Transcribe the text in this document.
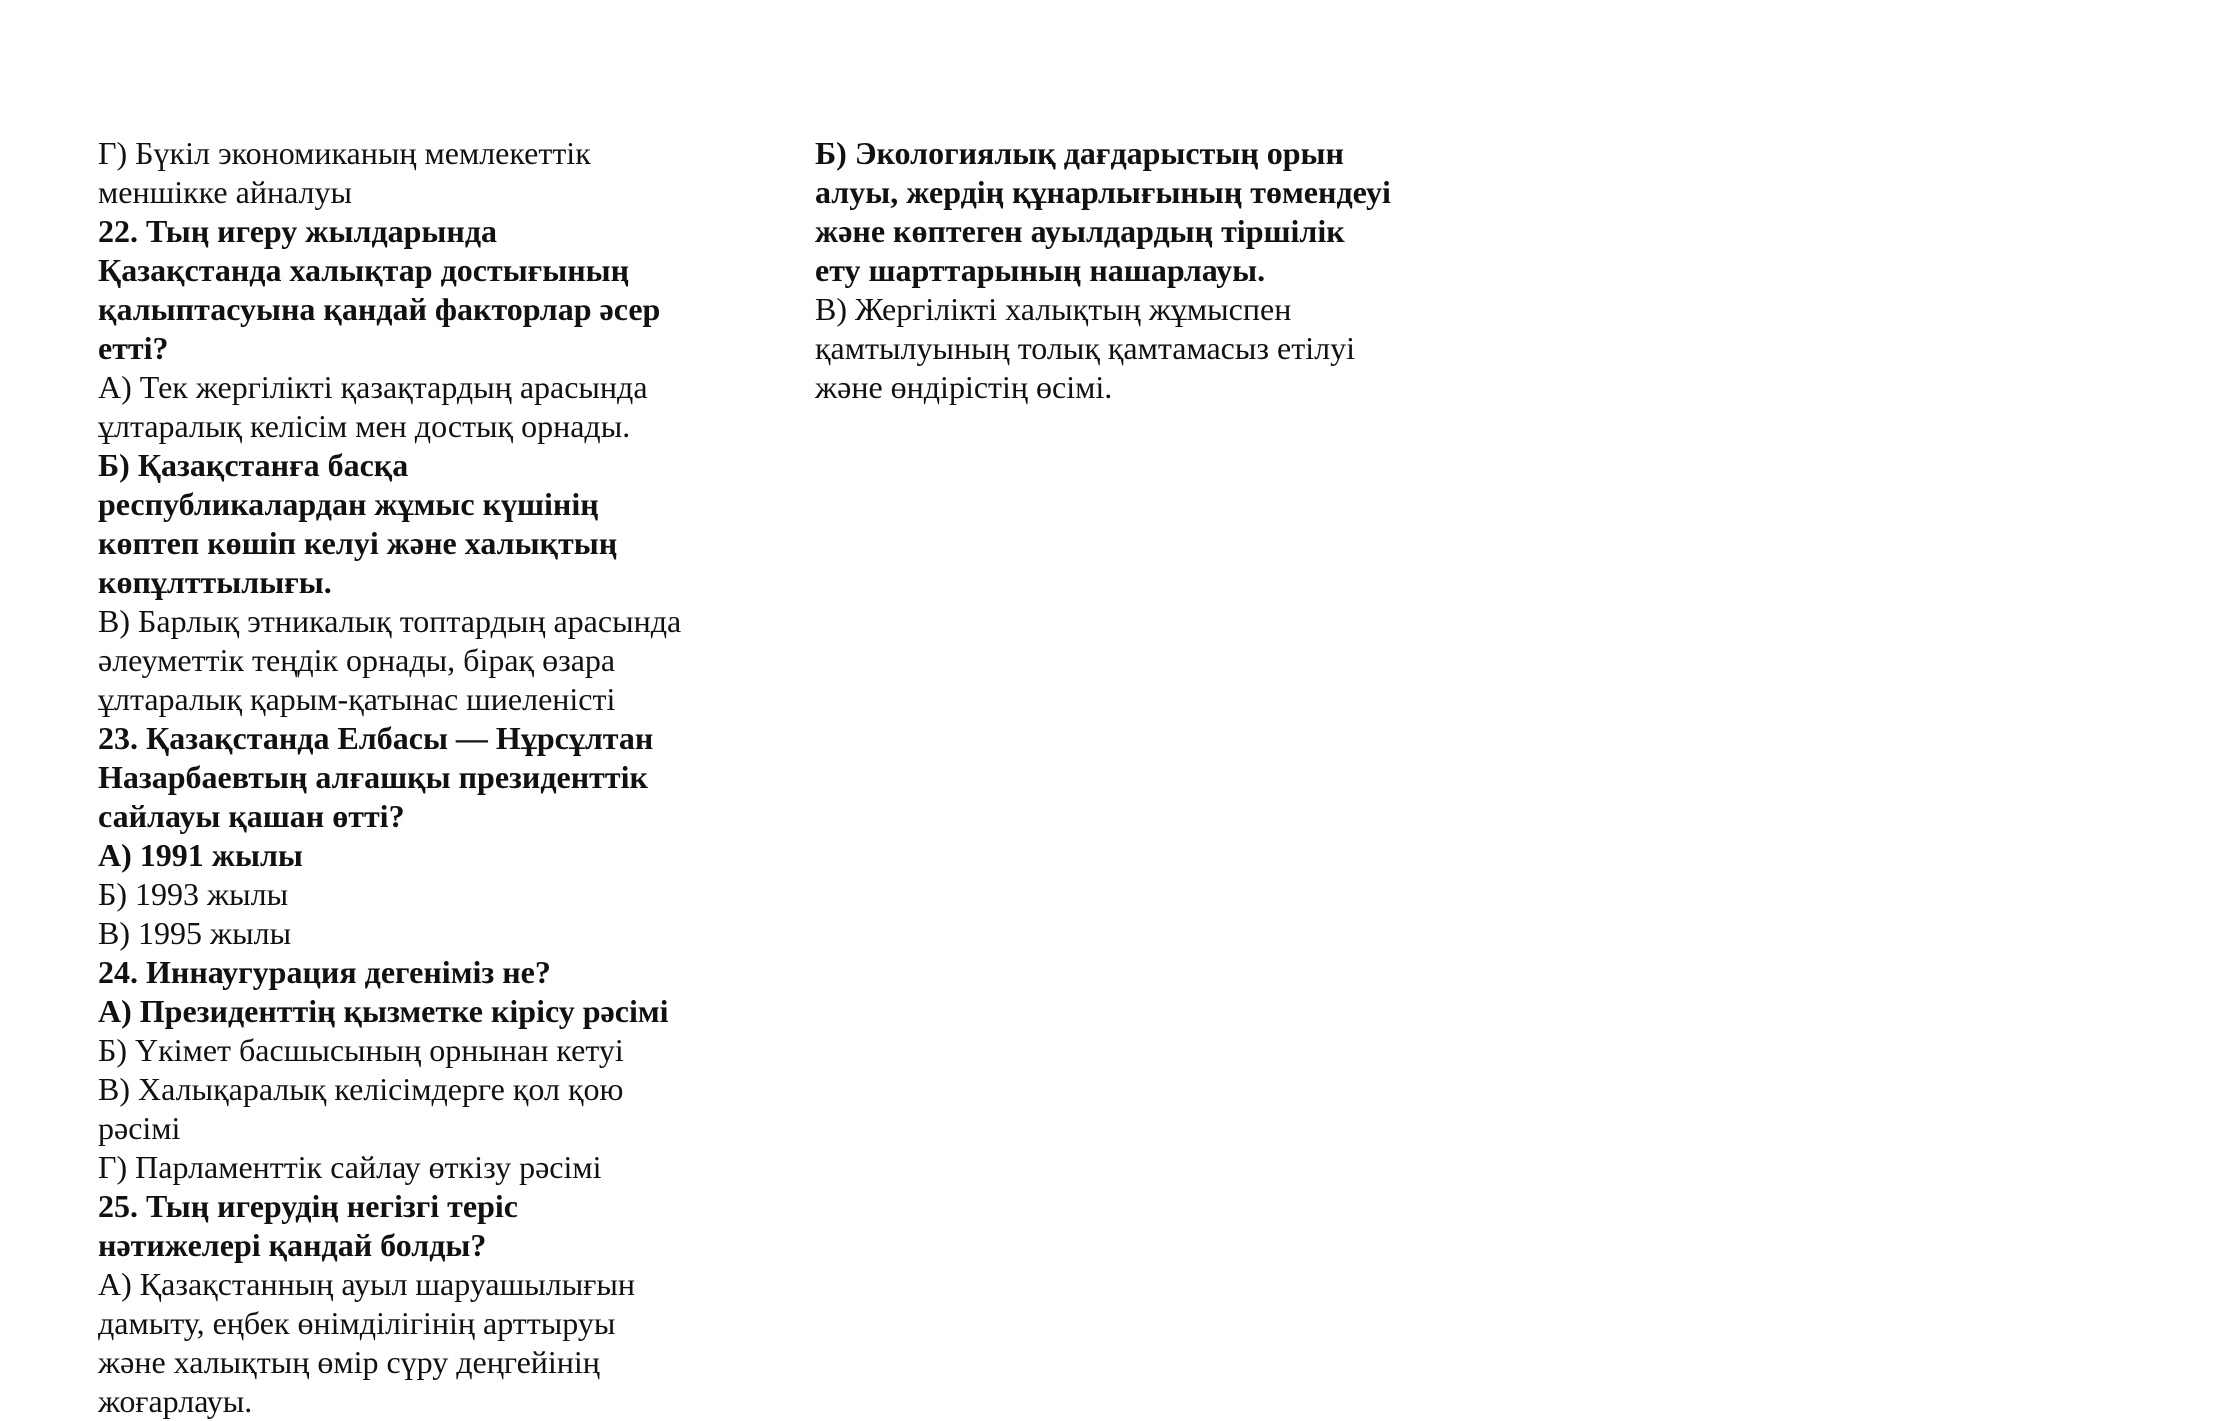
Г) Бүкіл экономиканың мемлекеттік
меншікке айналуы
22. Тың игеру жылдарында
Қазақстанда халықтар достығының
қалыптасуына қандай факторлар әсер
етті?
А) Тек жергілікті қазақтардың арасында
ұлтаралық келісім мен достық орнады.
Б) Қазақстанға басқа
республикалардан жұмыс күшінің
көптеп көшіп келуі және халықтың
көпұлттылығы.
В) Барлық этникалық топтардың арасында
әлеуметтік теңдік орнады, бірақ өзара
ұлтаралық қарым-қатынас шиеленісті
23. Қазақстанда Елбасы — Нұрсұлтан
Назарбаевтың алғашқы президенттік
сайлауы қашан өтті?
А) 1991 жылы
Б) 1993 жылы
В) 1995 жылы
24. Иннаугурация дегеніміз не?
А) Президенттің қызметке кірісу рәсімі
Б) Үкімет басшысының орнынан кетуі
В) Халықаралық келісімдерге қол қою
рәсімі
Г) Парламенттік сайлау өткізу рәсімі
25. Тың игерудің негізгі теріс
нәтижелері қандай болды?
А) Қазақстанның ауыл шаруашылығын
дамыту, еңбек өнімділігінің арттыруы
және халықтың өмір сүру деңгейінің
жоғарлауы.
Б) Экологиялық дағдарыстың орын
алуы, жердің құнарлығының төмендеуі
және көптеген ауылдардың тіршілік
ету шарттарының нашарлауы.
В) Жергілікті халықтың жұмыспен
қамтылуының толық қамтамасыз етілуі
және өндірістің өсімі.
